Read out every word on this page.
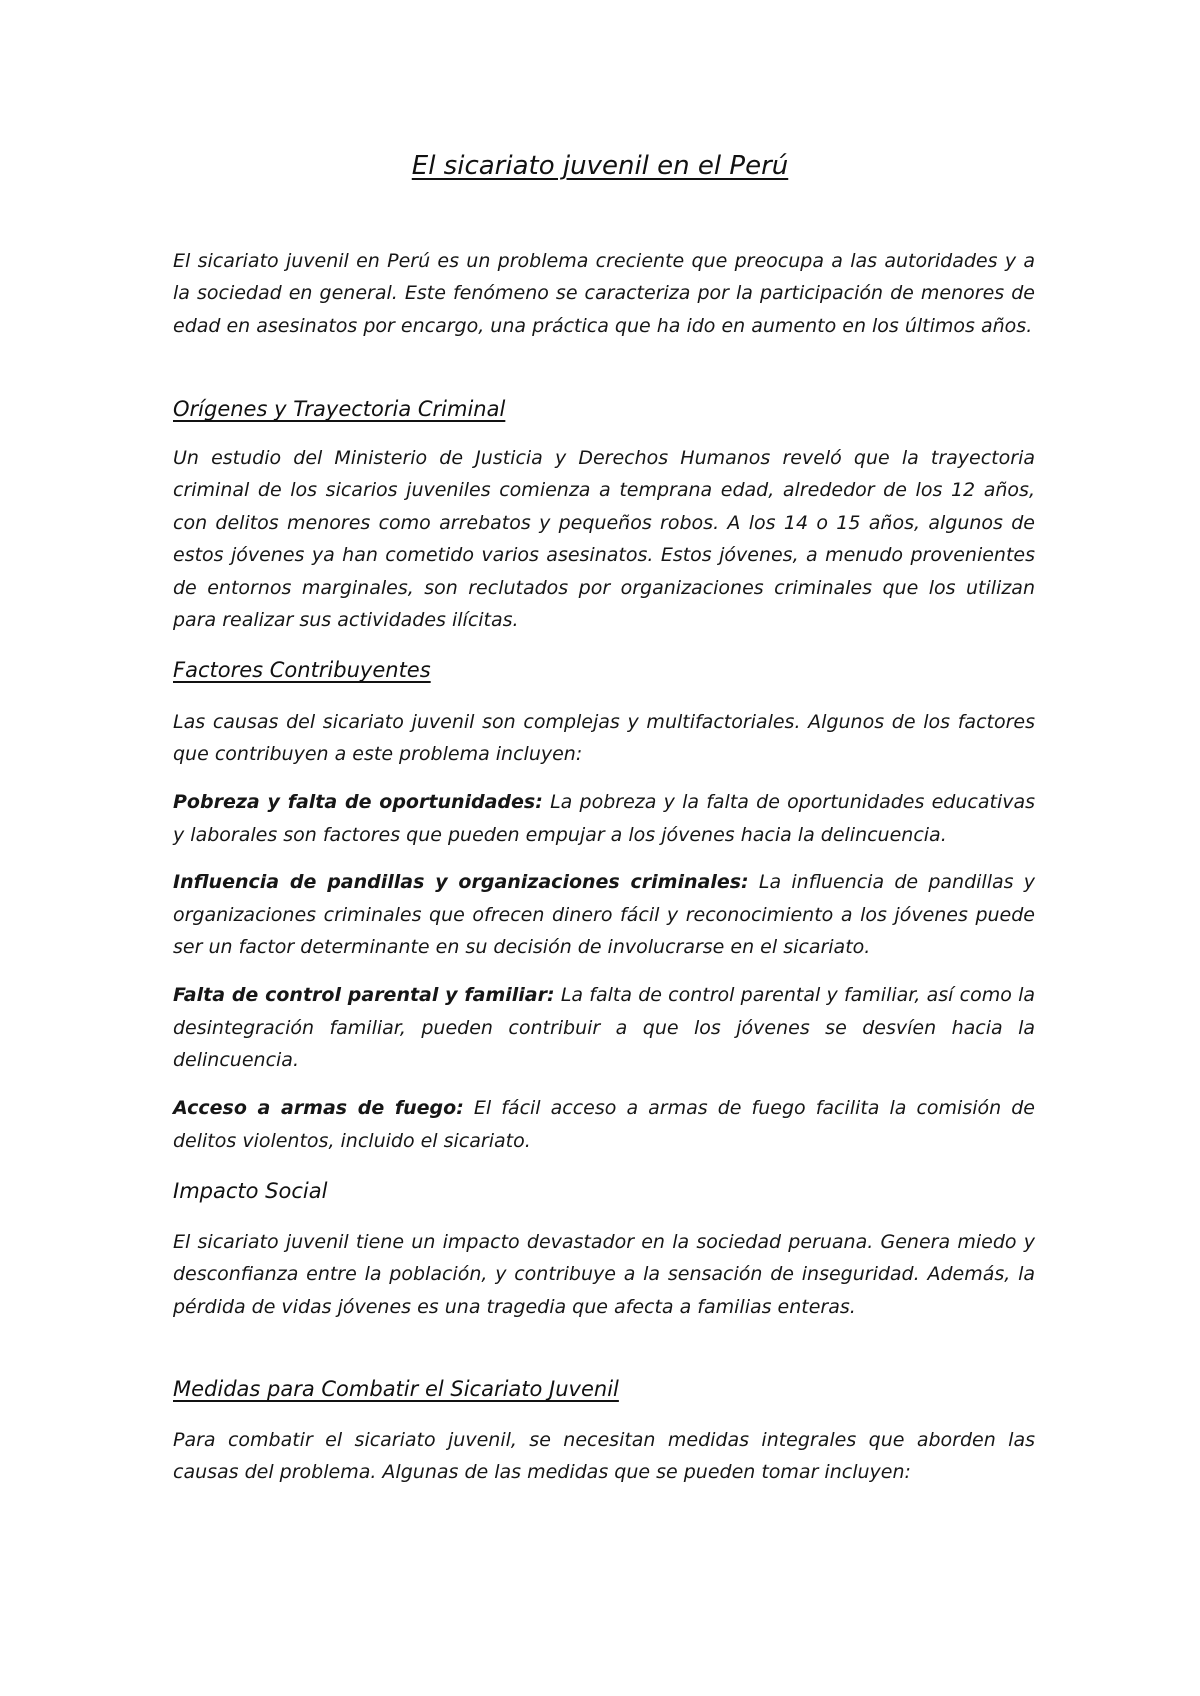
El sicariato juvenil en el Perú

El sicariato juvenil en Perú es un problema creciente que preocupa a las autoridades y a la sociedad en general. Este fenómeno se caracteriza por la participación de menores de edad en asesinatos por encargo, una práctica que ha ido en aumento en los últimos años.

Orígenes y Trayectoria Criminal

Un estudio del Ministerio de Justicia y Derechos Humanos reveló que la trayectoria criminal de los sicarios juveniles comienza a temprana edad, alrededor de los 12 años, con delitos menores como arrebatos y pequeños robos. A los 14 o 15 años, algunos de estos jóvenes ya han cometido varios asesinatos. Estos jóvenes, a menudo provenientes de entornos marginales, son reclutados por organizaciones criminales que los utilizan para realizar sus actividades ilícitas.

Factores Contribuyentes

Las causas del sicariato juvenil son complejas y multifactoriales. Algunos de los factores que contribuyen a este problema incluyen:

Pobreza y falta de oportunidades: La pobreza y la falta de oportunidades educativas y laborales son factores que pueden empujar a los jóvenes hacia la delincuencia.

Influencia de pandillas y organizaciones criminales: La influencia de pandillas y organizaciones criminales que ofrecen dinero fácil y reconocimiento a los jóvenes puede ser un factor determinante en su decisión de involucrarse en el sicariato.

Falta de control parental y familiar: La falta de control parental y familiar, así como la desintegración familiar, pueden contribuir a que los jóvenes se desvíen hacia la delincuencia.

Acceso a armas de fuego: El fácil acceso a armas de fuego facilita la comisión de delitos violentos, incluido el sicariato.

Impacto Social

El sicariato juvenil tiene un impacto devastador en la sociedad peruana. Genera miedo y desconfianza entre la población, y contribuye a la sensación de inseguridad. Además, la pérdida de vidas jóvenes es una tragedia que afecta a familias enteras.

Medidas para Combatir el Sicariato Juvenil

Para combatir el sicariato juvenil, se necesitan medidas integrales que aborden las causas del problema. Algunas de las medidas que se pueden tomar incluyen:
